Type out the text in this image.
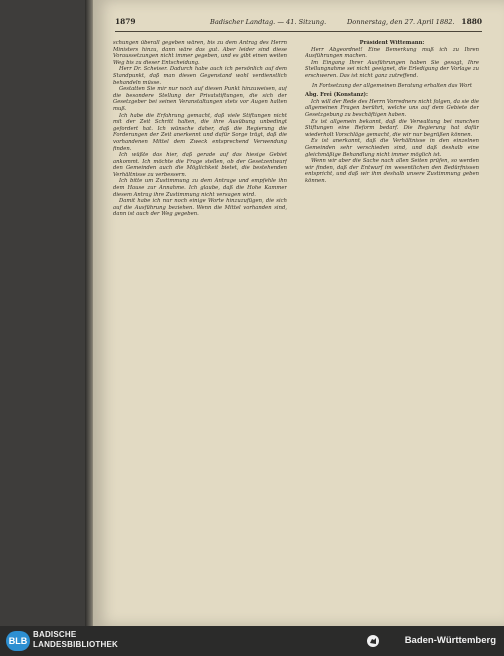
1879	Badischer Landtag. — 41. Sitzung.	Donnerstag, den 27. April 1882. 1880

schungen überall gegeben wären, bis zu dem Antrag des Herrn Ministers hinzu, dann wäre das gut. Aber leider sind diese Voraussetzungen nicht immer gegeben, und es gibt einen weiten Weg bis zu dieser Entscheidung.

Herr Dr. Scheiser. Dadurch habe auch ich persönlich auf dem Standpunkt, daß man diesen Gegenstand wohl verdienstlich behandeln müsse.

Gestatten Sie mir nur noch auf diesen Punkt hinzuweisen, auf die besondere Stellung der Privatstiftungen, die sich der Gesetzgeber bei seinen Veranstaltungen stets vor Augen halten muß.

Ich habe die Erfahrung gemacht, daß viele Stiftungen nicht mit der Zeit Schritt halten, die ihre Ausübung unbedingt gefordert hat. Ich wünsche daher, daß die Regierung die Forderungen der Zeit anerkennt und dafür Sorge trägt, daß die vorhandenen Mittel dem Zweck entsprechend Verwendung finden.

Ich wüßte das hier, daß gerade auf das hiesige Gebiet ankommt. Ich möchte die Frage stellen, ob der Gesetzentwurf den Gemeinden auch die Möglichkeit bietet, die bestehenden Verhältnisse zu verbessern.

Ich bitte um Zustimmung zu dem Antrage und empfehle ihn dem Hause zur Annahme. Ich glaube, daß die Hohe Kammer diesem Antrag ihre Zustimmung nicht versagen wird.

Damit habe ich nur noch einige Worte hinzuzufügen, die sich auf die Ausführung beziehen. Wenn die Mittel vorhanden sind, dann ist auch der Weg gegeben.

Präsident Wittemann:

Herr Abgeordnet! Eine Bemerkung muß ich zu Ihren Ausführungen machen.

Im Eingang Ihrer Ausführungen haben Sie gesagt, Ihre Stellungnahme sei nicht geeignet, die Erledigung der Vorlage zu erschweren. Das ist nicht ganz zutreffend.

In Fortsetzung der allgemeinen Beratung erhalten das Wort

Abg. Frei (Konstanz):

Ich will der Rede des Herrn Vorredners nicht folgen, da sie die allgemeinen Fragen berührt, welche uns auf dem Gebiete der Gesetzgebung zu beschäftigen haben.

Es ist allgemein bekannt, daß die Verwaltung bei manchen Stiftungen eine Reform bedarf. Die Regierung hat dafür wiederholt Vorschläge gemacht, die wir nur begrüßen können.

Es ist anerkannt, daß die Verhältnisse in den einzelnen Gemeinden sehr verschieden sind, und daß deshalb eine gleichmäßige Behandlung nicht immer möglich ist.

Wenn wir aber die Sache nach allen Seiten prüfen, so werden wir finden, daß der Entwurf im wesentlichen den Bedürfnissen entspricht, und daß wir ihm deshalb unsere Zustimmung geben können.

BLB
BADISCHE
LANDESBIBLIOTHEK	Baden-Württemberg
